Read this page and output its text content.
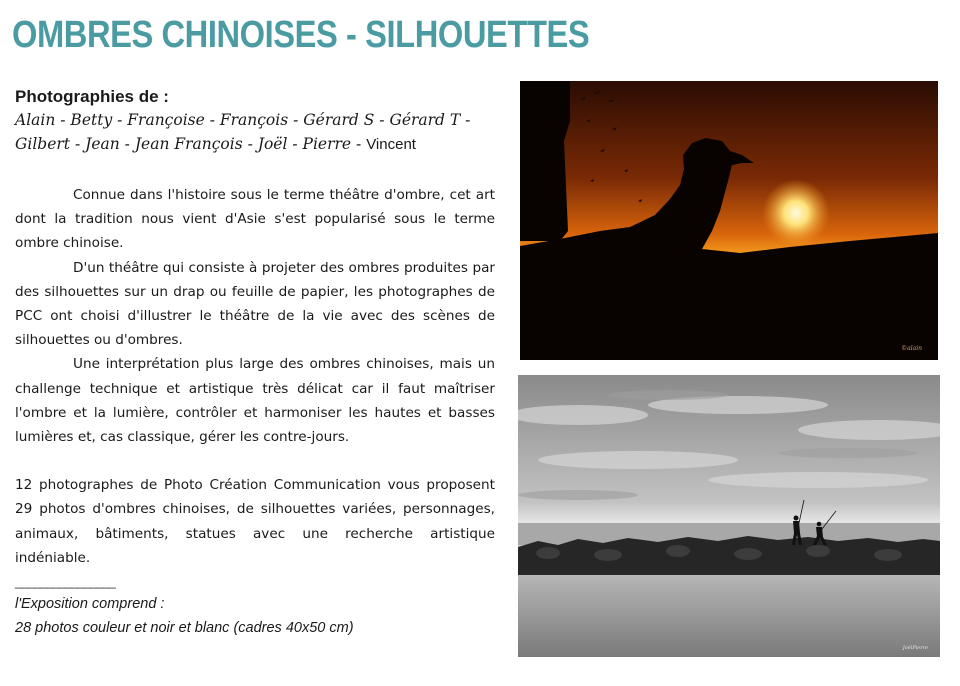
OMBRES CHINOISES - SILHOUETTES

Photographies de :

Alain - Betty - Françoise - François - Gérard S - Gérard T - Gilbert - Jean - Jean François - Joël - Pierre - Vincent

Connue dans l'histoire sous le terme théâtre d'ombre, cet art dont la tradition nous vient d'Asie s'est popularisé sous le terme ombre chinoise.

D'un théâtre qui consiste à projeter des ombres produites par des silhouettes sur un drap ou feuille de papier, les photographes de PCC ont choisi d'illustrer le théâtre de la vie avec des scènes de silhouettes ou d'ombres.

Une interprétation plus large des ombres chinoises, mais un challenge technique et artistique très délicat car il faut maîtriser l'ombre et la lumière, contrôler et harmoniser les hautes et basses lumières et, cas classique, gérer les contre-jours.

12 photographes de Photo Création Communication vous proposent 29 photos d'ombres chinoises, de silhouettes variées, personnages, animaux, bâtiments, statues avec une recherche artistique indéniable.

________________

l'Exposition comprend :

28 photos couleur et noir et blanc (cadres 40x50 cm)

©alain
JoëlPierre
